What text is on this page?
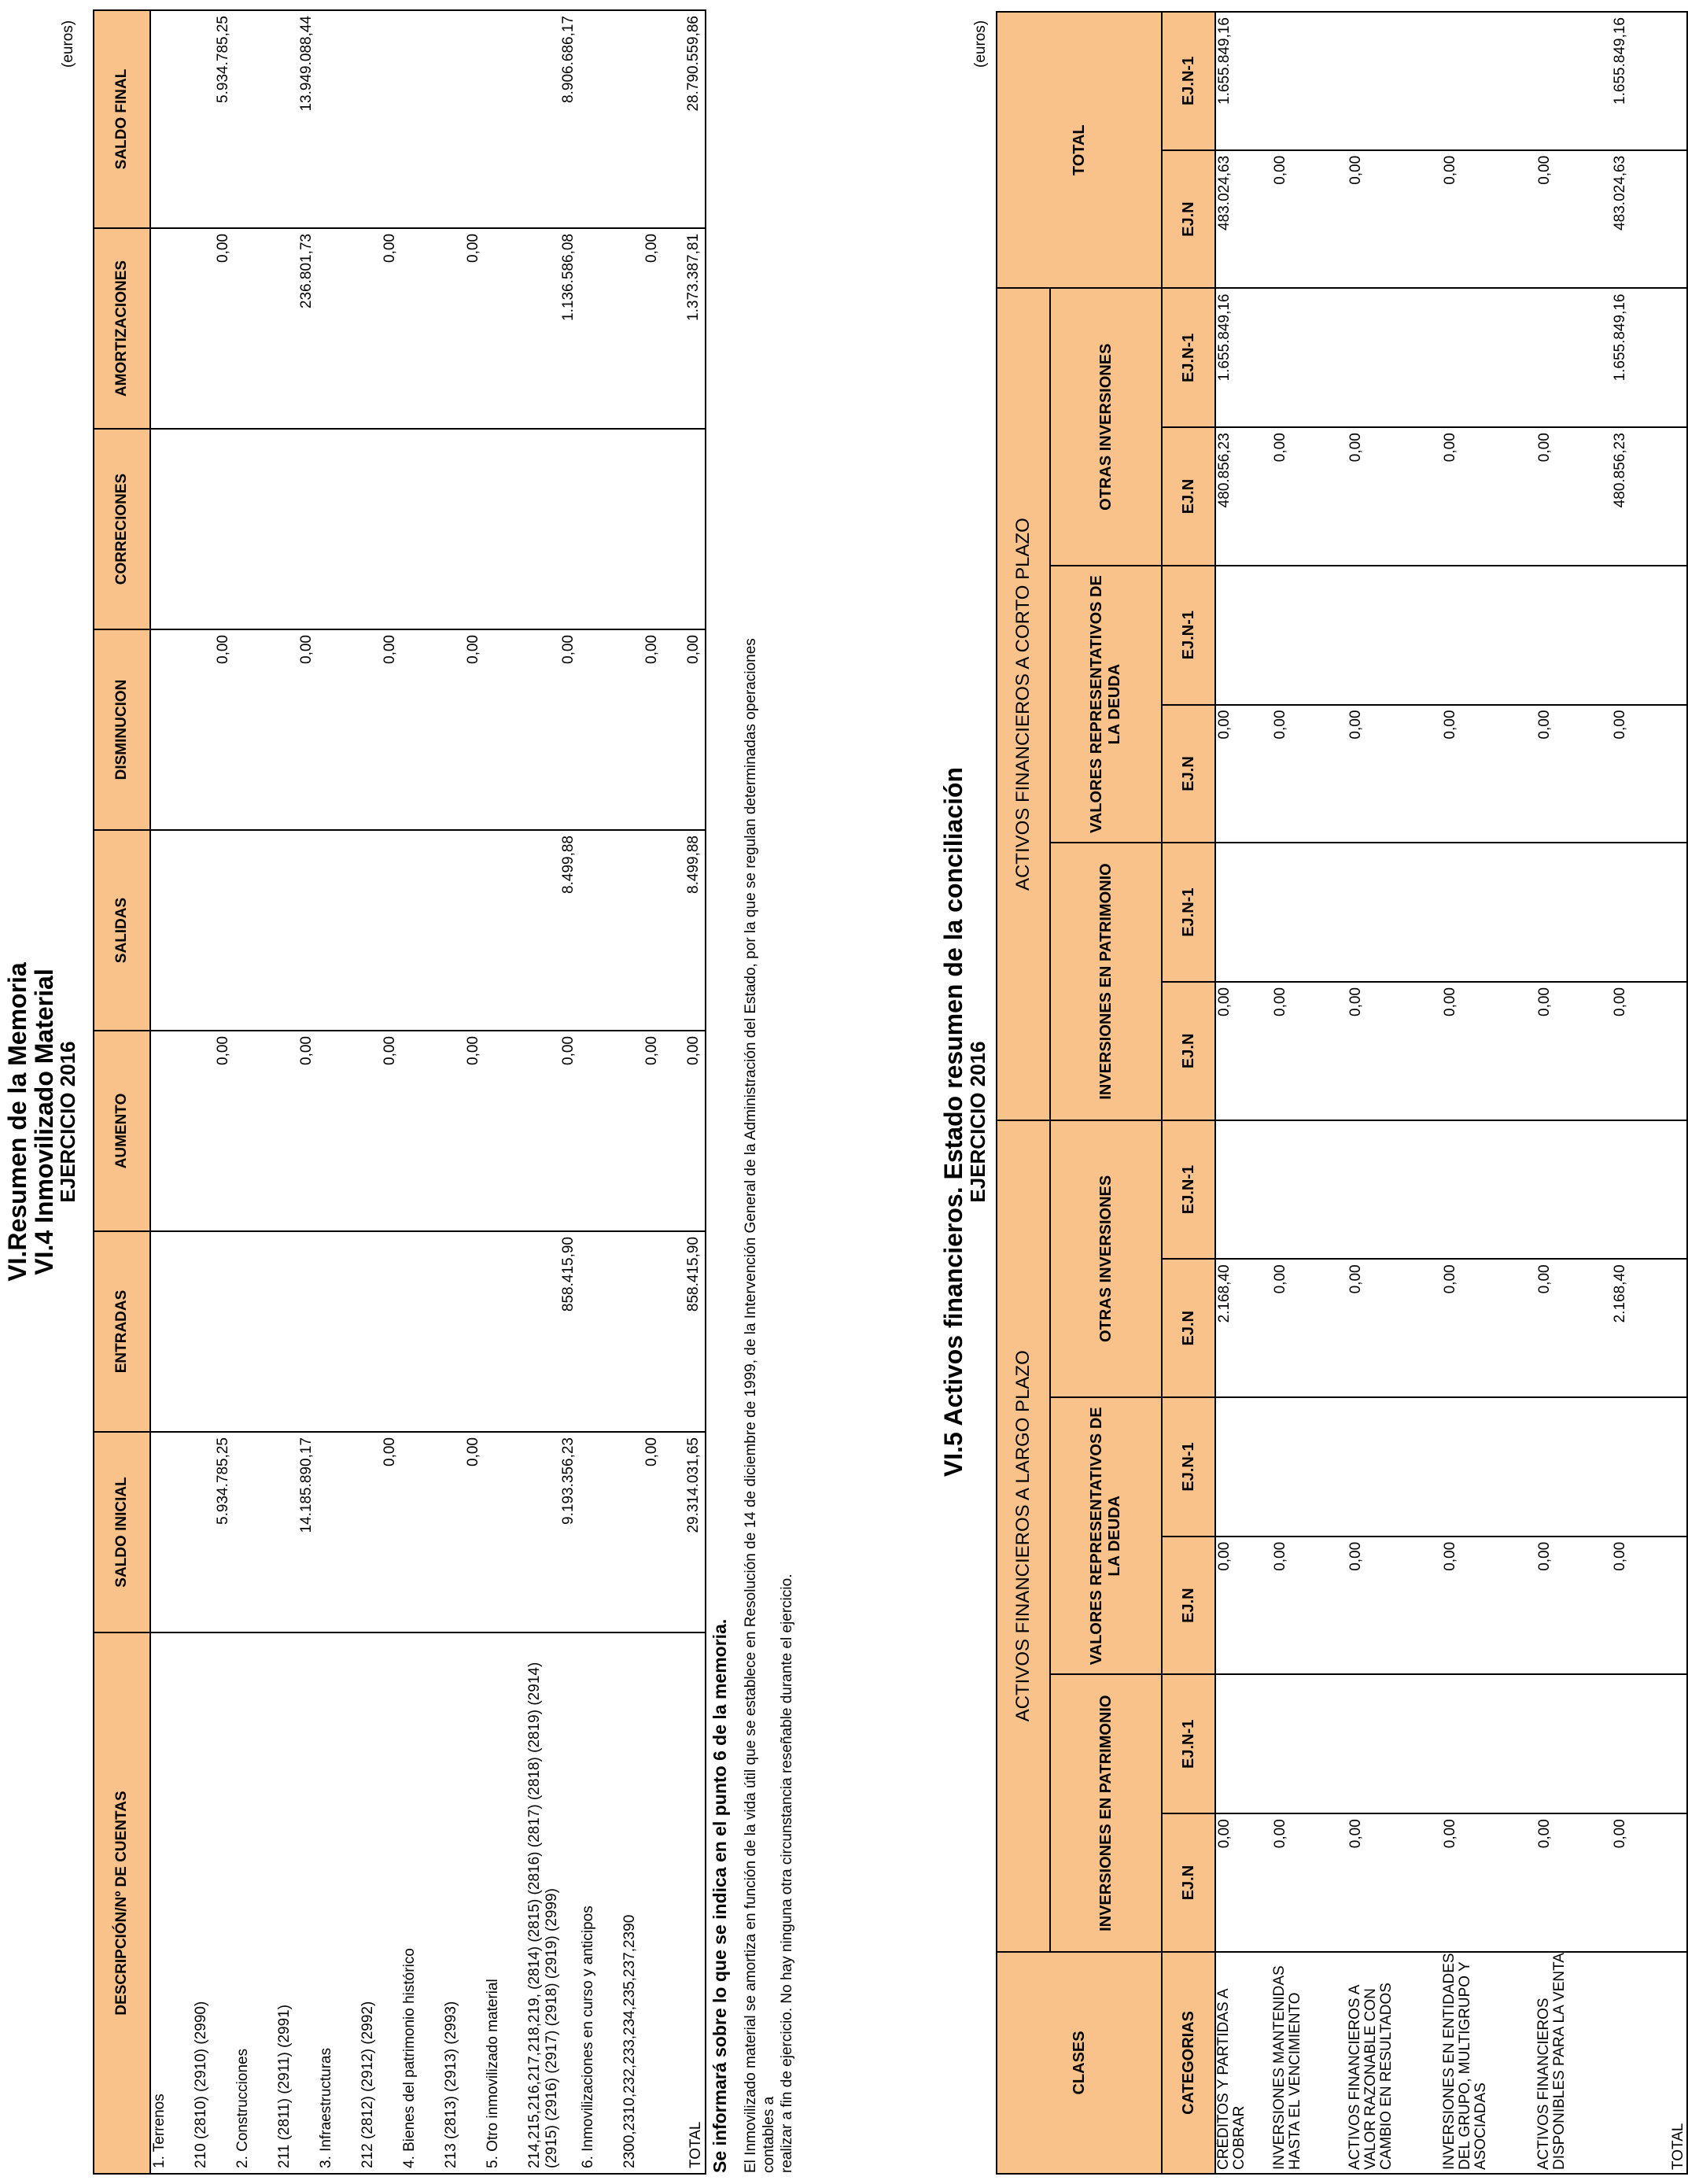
VI.Resumen de la Memoria
VI.4 Inmovilizado Material
EJERCICIO 2016
(euros)
DESCRIPCIÓN/Nº DE CUENTAS	SALDO INICIAL	ENTRADAS	AUMENTO	SALIDAS	DISMINUCION	CORRECIONES	AMORTIZACIONES	SALDO FINAL
1. Terrenos								
210 (2810) (2910) (2990)	5.934.785,25		0,00		0,00		0,00	5.934.785,25
2. Construcciones								
211 (2811) (2911) (2991)	14.185.890,17		0,00		0,00		236.801,73	13.949.088,44
3. Infraestructuras								
212 (2812) (2912) (2992)	0,00		0,00		0,00		0,00	
4. Bienes del patrimonio histórico								
213 (2813) (2913) (2993)	0,00		0,00		0,00		0,00	
5. Otro inmovilizado material								
214,215,216,217,218,219, (2814) (2815) (2816) (2817) (2818) (2819) (2914) (2915) (2916) (2917) (2918) (2919) (2999)	9.193.356,23	858.415,90	0,00	8.499,88	0,00		1.136.586,08	8.906.686,17
6. Inmovilizaciones en curso y anticipos								
2300,2310,232,233,234,235,237,2390	0,00		0,00		0,00		0,00	
TOTAL	29.314.031,65	858.415,90	0,00	8.499,88	0,00		1.373.387,81	28.790.559,86
Se informará sobre lo que se indica en el punto 6 de la memoria. El Inmovilizado material se amortiza en función de la vida útil que se establece en Resolución de 14 de diciembre de 1999, de la Intervención General de la Administración del Estado, por la que se regulan determinadas operaciones contables a realizar a fin de ejercicio. No hay ninguna otra circunstancia reseñable durante el ejercicio.
VI.5 Activos financieros. Estado resumen de la conciliación
EJERCICIO 2016
(euros)
CLASES	ACTIVOS FINANCIEROS A LARGO PLAZO						ACTIVOS FINANCIEROS A CORTO PLAZO						TOTAL	
	INVERSIONES EN PATRIMONIO		VALORES REPRESENTATIVOS DE LA DEUDA		OTRAS INVERSIONES		INVERSIONES EN PATRIMONIO		VALORES REPRESENTATIVOS DE LA DEUDA		OTRAS INVERSIONES			
CATEGORIAS	EJ.N	EJ.N-1	EJ.N	EJ.N-1	EJ.N	EJ.N-1	EJ.N	EJ.N-1	EJ.N	EJ.N-1	EJ.N	EJ.N-1	EJ.N	EJ.N-1
CRÉDITOS Y PARTIDAS A COBRAR	0,00		0,00		2.168,40		0,00		0,00		480.856,23	1.655.849,16	483.024,63	1.655.849,16
INVERSIONES MANTENIDAS HASTA EL VENCIMIENTO	0,00		0,00		0,00		0,00		0,00		0,00		0,00	
ACTIVOS FINANCIEROS A VALOR RAZONABLE CON CAMBIO EN RESULTADOS	0,00		0,00		0,00		0,00		0,00		0,00		0,00	
INVERSIONES EN ENTIDADES DEL GRUPO, MULTIGRUPO Y ASOCIADAS	0,00		0,00		0,00		0,00		0,00		0,00		0,00	
ACTIVOS FINANCIEROS DISPONIBLES PARA LA VENTA	0,00		0,00		0,00		0,00		0,00		0,00		0,00	
TOTAL	0,00		0,00		2.168,40		0,00		0,00		480.856,23	1.655.849,16	483.024,63	1.655.849,16
